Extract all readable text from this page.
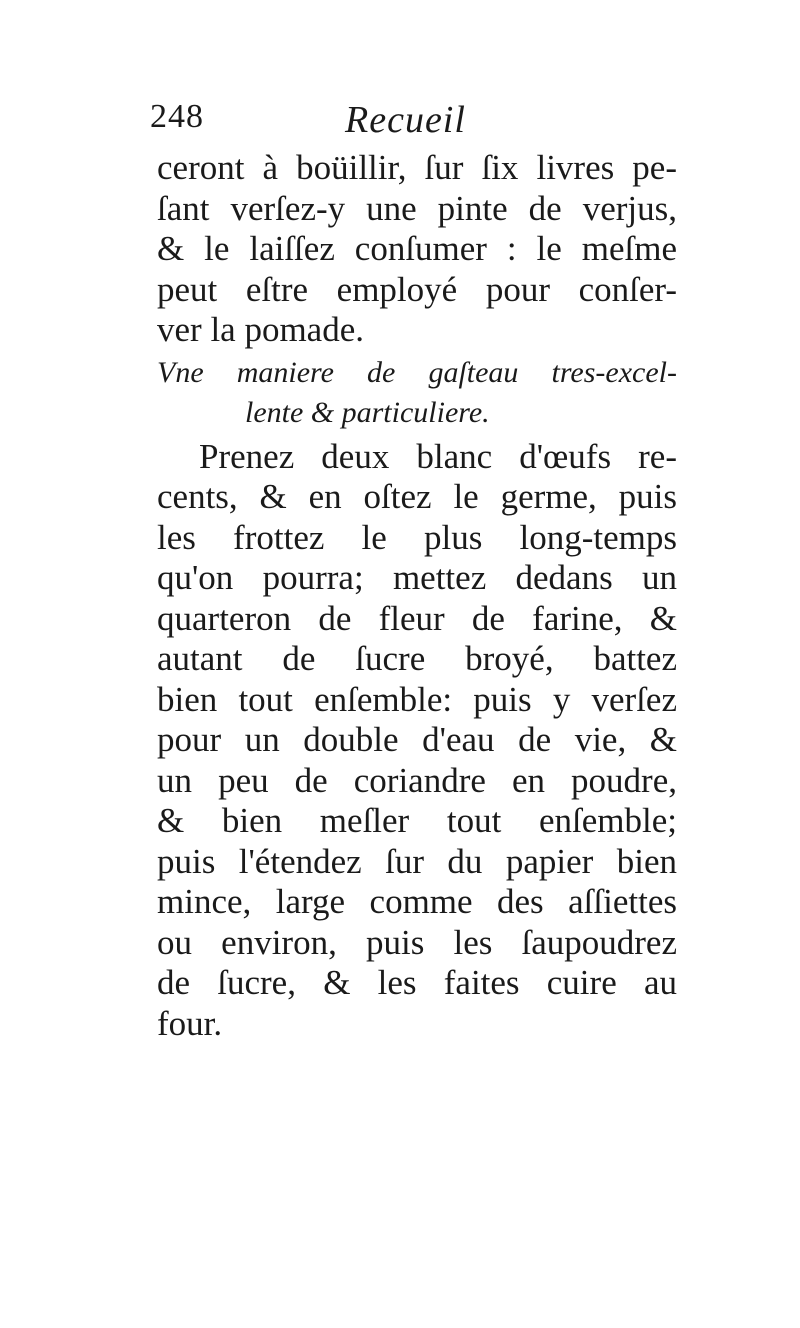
248	Recueil
ceront à boüillir, ſur ſix livres pe-
ſant verſez-y une pinte de verjus,
& le laiſſez conſumer : le meſme
peut eſtre employé pour conſer-
ver la pomade.
Vne maniere de gaſteau tres-excel-
lente & particuliere.
Prenez deux blanc d'œufs re-
cents, & en oſtez le germe, puis
les frottez le plus long-temps
qu'on pourra; mettez dedans un
quarteron de fleur de farine, &
autant de ſucre broyé, battez
bien tout enſemble: puis y verſez
pour un double d'eau de vie, &
un peu de coriandre en poudre,
& bien meſler tout enſemble;
puis l'étendez ſur du papier bien
mince, large comme des aſſiettes
ou environ, puis les ſaupoudrez
de ſucre, & les faites cuire au
four.
